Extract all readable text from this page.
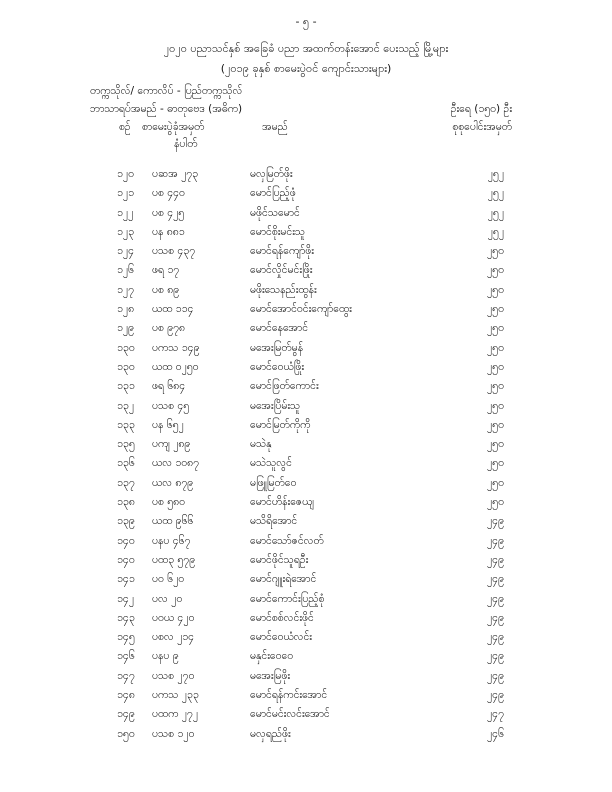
- ၅ -
၂၀၂၀ ပညာသင်နှစ် အခြေခံ ပညာ အထက်တန်းအောင် ပေးသည့် မြို့များ
(၂၀၁၉ ခုနှစ် စာမေးပွဲဝင် ကျောင်းသားများ)
တက္ကသိုလ်/ ကောလိပ် - ပြည်တက္ကသိုလ်
ဘာသာရပ်အမည် - ဓာတုဗေဒ (အဓိက)	ဦးရေ (၁၅၀) ဦး
စဉ် စာမေးပွဲခုံအမှတ်
နံပါတ်
အမည်	စုစုပေါင်းအမှတ်
၁၂၀ ပဆအ ၂၇၃	မလှမြတ်ဖိုး	၂၅၂
၁၂၁ ပစ ၄၄၀	မောင်ပြည့်ဖုံ	၂၅၂
၁၂၂ ပစ ၄၂၅	မဖိုင်သမောင်	၂၅၂
၁၂၃ ပန ၈၈၁	မောင်စိုးမင်းသူ	၂၅၂
၁၂၄ ပသစ ၄၃၇	မောင်ရန်ကျော်ဖိုး	၂၅၀
၁၂၆ ဖရ ၁၇	မောင်လှိုင်မင်းဖြိုး	၂၅၀
၁၂၇ ပစ ၈၉	မဖိုးသေနည်းထွန်း	၂၅၀
၁၂၈ ယထ ၁၁၄	မောင်အောင်ဝင်းကျော်ထွေး	၂၅၀
၁၂၉ ပစ ၉၇၈	မောင်နေအောင်	၂၅၀
၁၃၀ ပကသ ၁၄၉	မအေးမြတ်မွန်	၂၅၀
၁၃၀ ယထ ၀၂၅၀	မောင်ဝေယံဖြိုး	၂၅၀
၁၃၁ ဖရ ၆၈၄	မောင်ဖြတ်ကောင်း	၂၅၀
၁၃၂ ပသစ ၄၅	မအေးပြိမ်းသူ	၂၅၀
၁၃၃ ပန ၆၅၂	မောင်မြတ်ကိုကို	၂၅၀
၁၃၅ ပကျ ၂၈၉	မသဲနု	၂၅၀
၁၃၆ ယလ ၁၀၈၇	မသဲသူလွင်	၂၅၀
၁၃၇ ယလ ၈၇၉	မဖြူမြတ်ဝေ	၂၅၀
၁၃၈ ပစ ၅၈၀	မောင်ဟိန်းဇေယျ	၂၅၀
၁၃၉ ယထ ၉၆၆	မသိရိအောင်	၂၄၉
၁၄၀ ပနပ ၄၆၇	မောင်သော်ဇင်လတ်	၂၄၉
၁၄၀ ပထ၃ ၅၇၉	မောင်ဖိုင်သူရဦး	၂၄၉
၁၄၁ ပဝ ၆၂၀	မောင်ဂျူးရဲအောင်	၂၄၉
၁၄၂ ပလ ၂၀	မောင်ကောင်းပြည့်စုံ	၂၄၉
၁၄၃ ပဝယ ၄၂၀	မောင်စစ်လင်းဖိုင်	၂၄၉
၁၄၅ ပစလ ၂၁၄	မောင်ဝေယံလင်း	၂၄၉
၁၄၆ ပနပ ၉	မနှင်းဝေဝေ	၂၄၉
၁၄၇ ပသစ ၂၇၀	မအေးမြဖိုး	၂၄၉
၁၄၈ ပကသ ၂၃၃	မောင်ရန်ကင်းအောင်	၂၄၉
၁၄၉ ပထက ၂၇၂	မောင်မင်းလင်းအောင်	၂၄၇
၁၅၀ ပသစ ၁၂၀	မလှရည်ဖိုး	၂၄၆
